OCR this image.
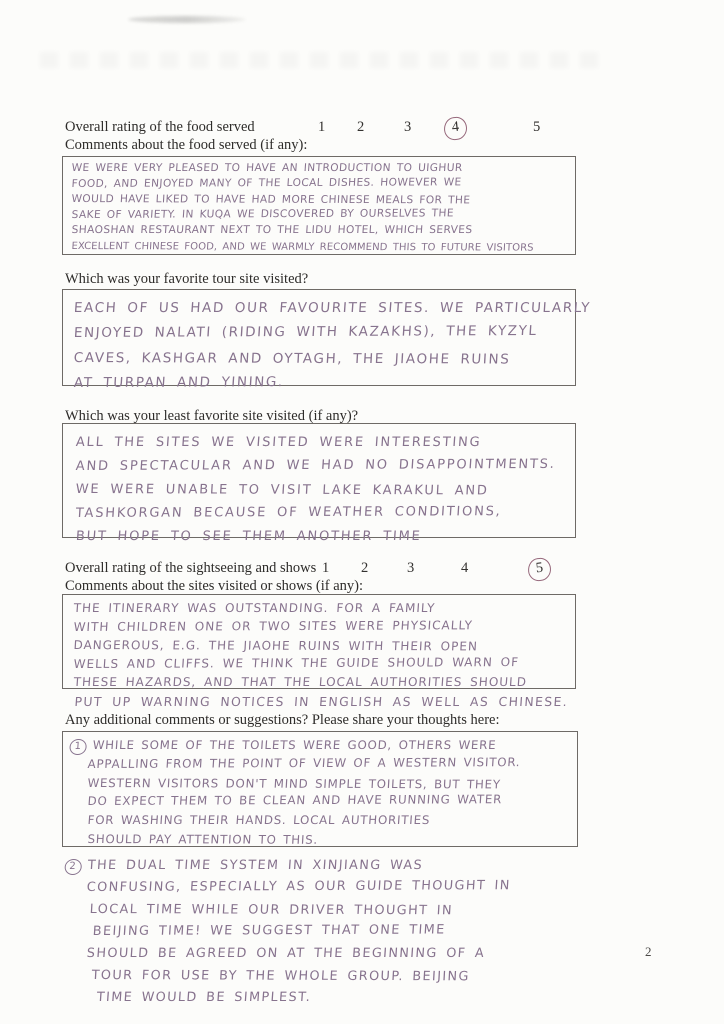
Overall rating of the food served	1 2	3	4	5
Comments about the food served (if any):
WE WERE VERY PLEASED TO HAVE AN INTRODUCTION TO UIGHUR
FOOD, AND ENJOYED MANY OF THE LOCAL DISHES. HOWEVER WE
WOULD HAVE LIKED TO HAVE HAD MORE CHINESE MEALS FOR THE
SAKE OF VARIETY. IN KUQA WE DISCOVERED BY OURSELVES THE
SHAOSHAN RESTAURANT NEXT TO THE LIDU HOTEL, WHICH SERVES
EXCELLENT CHINESE FOOD, AND WE WARMLY RECOMMEND THIS TO FUTURE VISITORS
Which was your favorite tour site visited?
EACH OF US HAD OUR FAVOURITE SITES. WE PARTICULARLY
ENJOYED NALATI (RIDING WITH KAZAKHS), THE KYZYL
CAVES, KASHGAR AND OYTAGH, THE JIAOHE RUINS
AT TURPAN AND YINING.
Which was your least favorite site visited (if any)?
ALL THE SITES WE VISITED WERE INTERESTING
AND SPECTACULAR AND WE HAD NO DISAPPOINTMENTS.
WE WERE UNABLE TO VISIT LAKE KARAKUL AND
TASHKORGAN BECAUSE OF WEATHER CONDITIONS,
BUT HOPE TO SEE THEM ANOTHER TIME
Overall rating of the sightseeing and shows 1 2	3	4	5
Comments about the sites visited or shows (if any):
THE ITINERARY WAS OUTSTANDING. FOR A FAMILY
WITH CHILDREN ONE OR TWO SITES WERE PHYSICALLY
DANGEROUS, E.G. THE JIAOHE RUINS WITH THEIR OPEN
WELLS AND CLIFFS. WE THINK THE GUIDE SHOULD WARN OF
THESE HAZARDS, AND THAT THE LOCAL AUTHORITIES SHOULD
PUT UP WARNING NOTICES IN ENGLISH AS WELL AS CHINESE.
Any additional comments or suggestions? Please share your thoughts here:
1 WHILE SOME OF THE TOILETS WERE GOOD, OTHERS WERE
APPALLING FROM THE POINT OF VIEW OF A WESTERN VISITOR.
WESTERN VISITORS DON'T MIND SIMPLE TOILETS, BUT THEY
DO EXPECT THEM TO BE CLEAN AND HAVE RUNNING WATER
FOR WASHING THEIR HANDS. LOCAL AUTHORITIES
SHOULD PAY ATTENTION TO THIS.
2 THE DUAL TIME SYSTEM IN XINJIANG WAS
CONFUSING, ESPECIALLY AS OUR GUIDE THOUGHT IN
LOCAL TIME WHILE OUR DRIVER THOUGHT IN
BEIJING TIME! WE SUGGEST THAT ONE TIME
SHOULD BE AGREED ON AT THE BEGINNING OF A
TOUR FOR USE BY THE WHOLE GROUP. BEIJING
TIME WOULD BE SIMPLEST.
2
